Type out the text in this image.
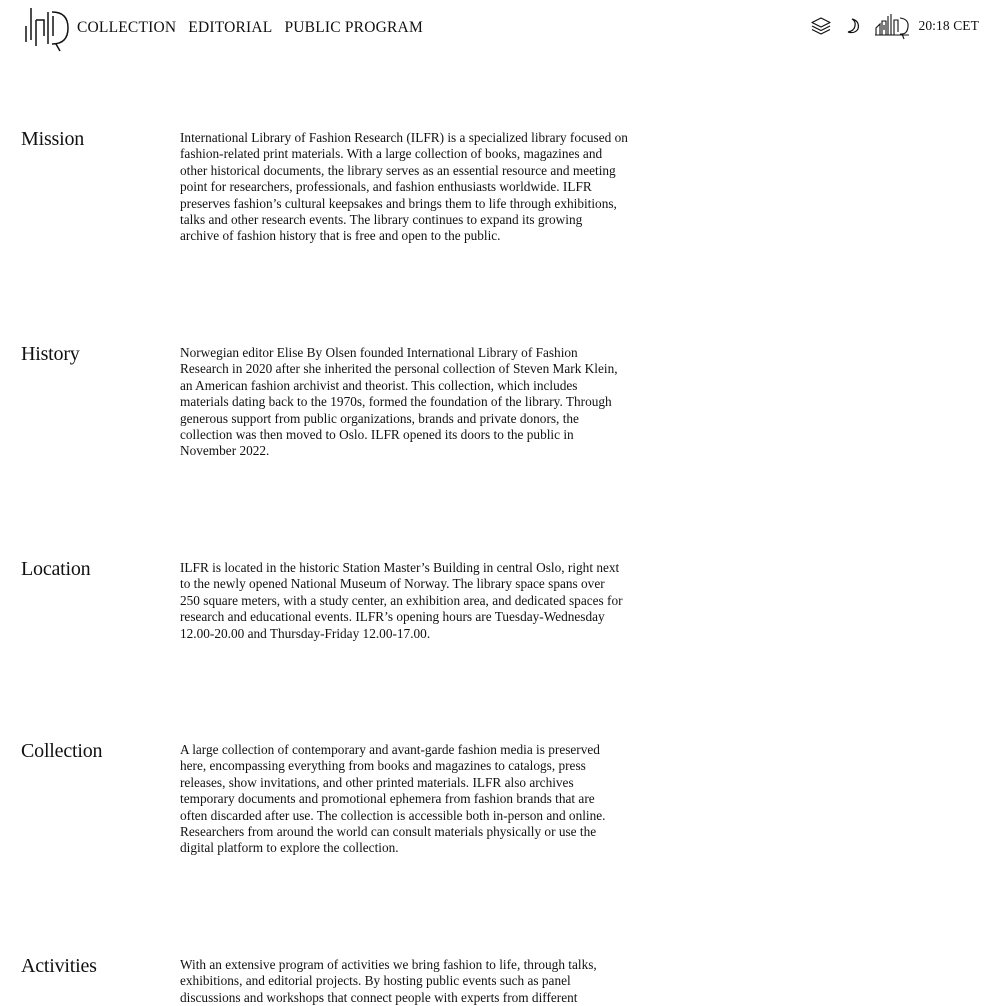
COLLECTION EDITORIAL PUBLIC PROGRAM	20:18 CET
Mission	International Library of Fashion Research (ILFR) is a specialized library focused on
fashion-related print materials. With a large collection of books, magazines and
other historical documents, the library serves as an essential resource and meeting
point for researchers, professionals, and fashion enthusiasts worldwide. ILFR
preserves fashion’s cultural keepsakes and brings them to life through exhibitions,
talks and other research events. The library continues to expand its growing
archive of fashion history that is free and open to the public.

History	Norwegian editor Elise By Olsen founded International Library of Fashion
Research in 2020 after she inherited the personal collection of Steven Mark Klein,
an American fashion archivist and theorist. This collection, which includes
materials dating back to the 1970s, formed the foundation of the library. Through
generous support from public organizations, brands and private donors, the
collection was then moved to Oslo. ILFR opened its doors to the public in
November 2022.

Location	ILFR is located in the historic Station Master’s Building in central Oslo, right next
to the newly opened National Museum of Norway. The library space spans over
250 square meters, with a study center, an exhibition area, and dedicated spaces for
research and educational events. ILFR’s opening hours are Tuesday-Wednesday
12.00-20.00 and Thursday-Friday 12.00-17.00.

Collection	A large collection of contemporary and avant-garde fashion media is preserved
here, encompassing everything from books and magazines to catalogs, press
releases, show invitations, and other printed materials. ILFR also archives
temporary documents and promotional ephemera from fashion brands that are
often discarded after use. The collection is accessible both in-person and online.
Researchers from around the world can consult materials physically or use the
digital platform to explore the collection.

Activities	With an extensive program of activities we bring fashion to life, through talks,
exhibitions, and editorial projects. By hosting public events such as panel
discussions and workshops that connect people with experts from different
